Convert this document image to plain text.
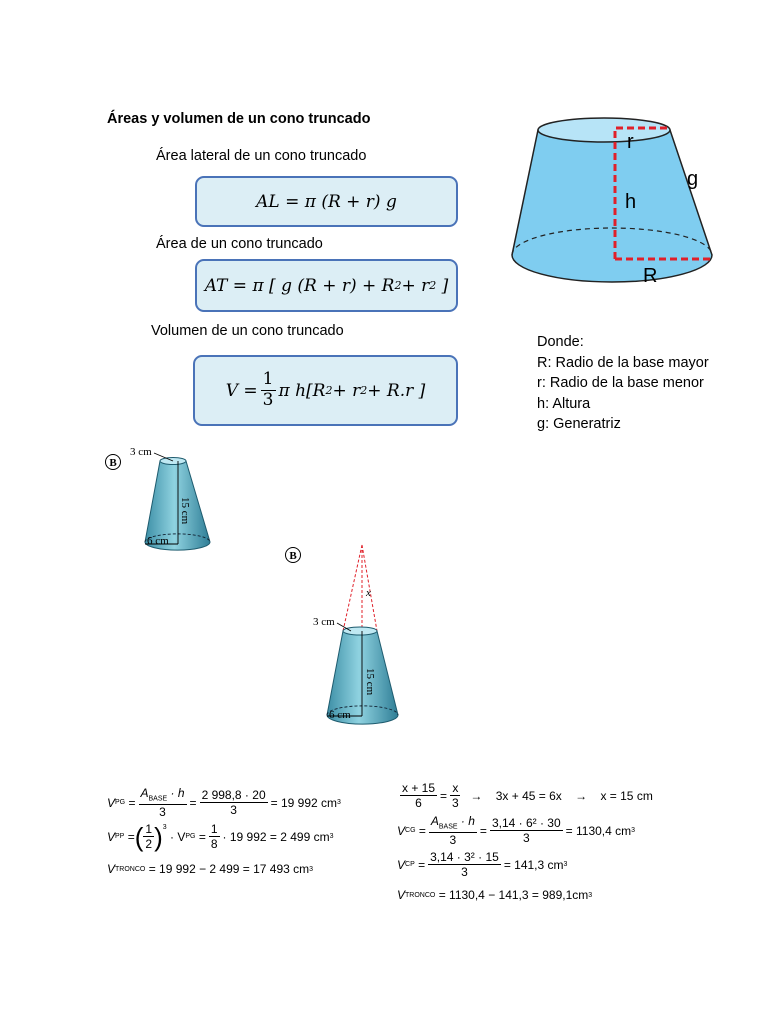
Áreas y volumen de un cono truncado
Área lateral de un cono truncado
AL =
π (R + r) g
Área de un cono truncado
AT =
π [ g (R + r) + R 2 + r 2
]
Volumen de un cono truncado
$V = \frac{1}{3}$ π h[R 2 + r 2 + R.r ]
r
h
g
R
Donde:
R: Radio de la base mayor
r: Radio de la base menor
h: Altura
g: Generatriz
B
3 cm
15 cm
6 cm
B
x
3 cm
15 cm
6 cm
V PG
=
$A_{BASE} \cdot h$
3
= $\frac{2 998,8 \cdot 20}{3} = 19$ 992 cm 3
V PP
= ( 1
2 )$^3$

· V PG
= $\frac{1}{8} \cdot 19$ 992 = 2 499 cm 3
V TRONCO
= 19 992 − 2 499 = 17 493 cm 3
$\frac{x + 15}{6} = \frac{x}{3}$
→    3x + 45 = 6x    →    x = 15 cm
V CG
=
$A_{BASE} \cdot h$
3
= $\frac{\text{3,14 · 6² · 30}}{3} = 1130,4$ cm 3
V CP
= $\frac{\text{3,14 · 3² · 15}}{3} = 141,3$ cm 3
V TRONCO
= 1130,4 − 141,3 = 989,1cm 3
